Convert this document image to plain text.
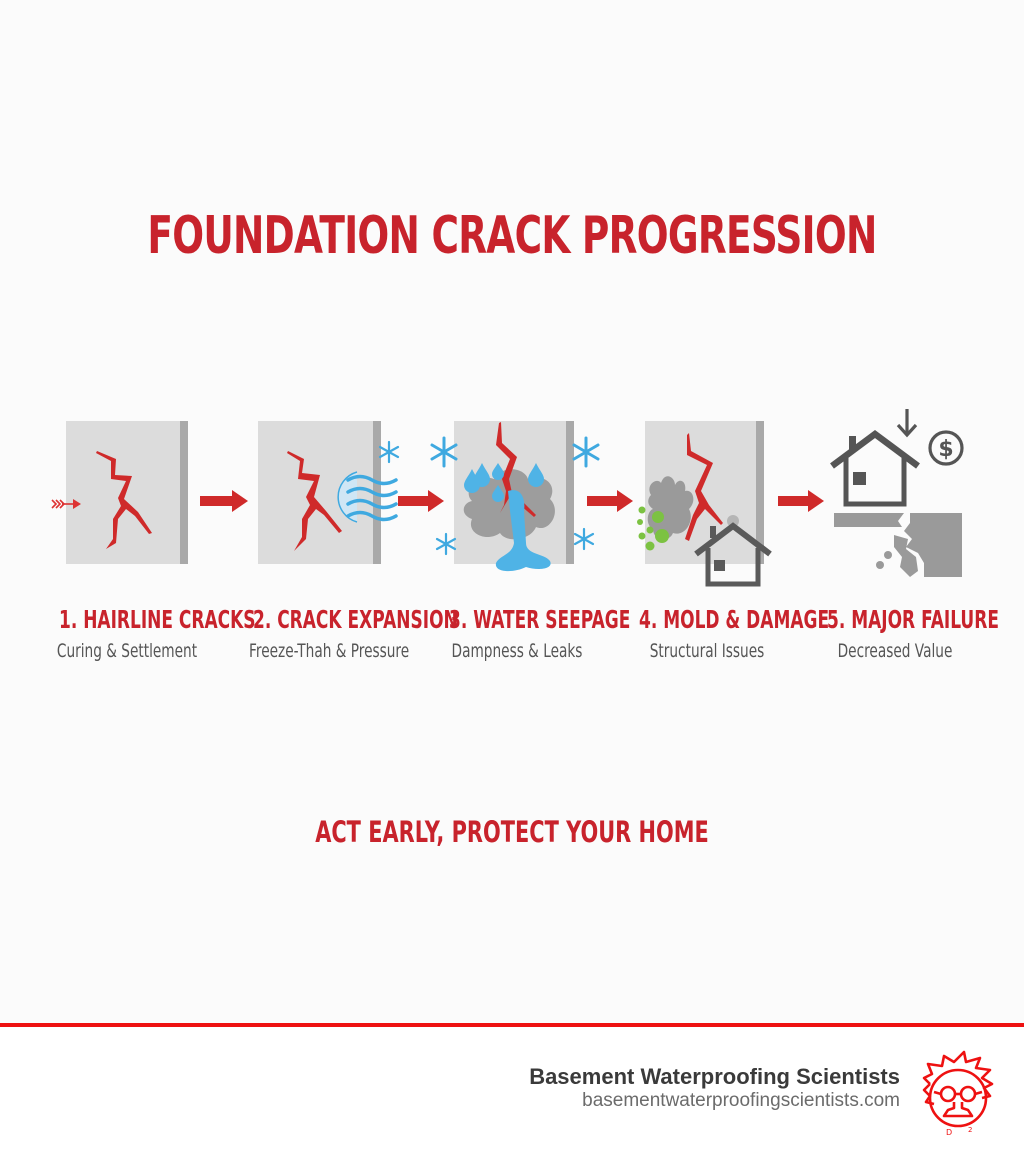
FOUNDATION CRACK PROGRESSION
$
1. HAIRLINE CRACKS
Curing & Settlement
2. CRACK EXPANSION
Freeze-Thah & Pressure
3. WATER SEEPAGE
Dampness & Leaks
4. MOLD & DAMAGE
Structural Issues
5. MAJOR FAILURE
Decreased Value
ACT EARLY, PROTECT YOUR HOME
Basement Waterproofing Scientists
basementwaterproofingscientists.com
D 2
